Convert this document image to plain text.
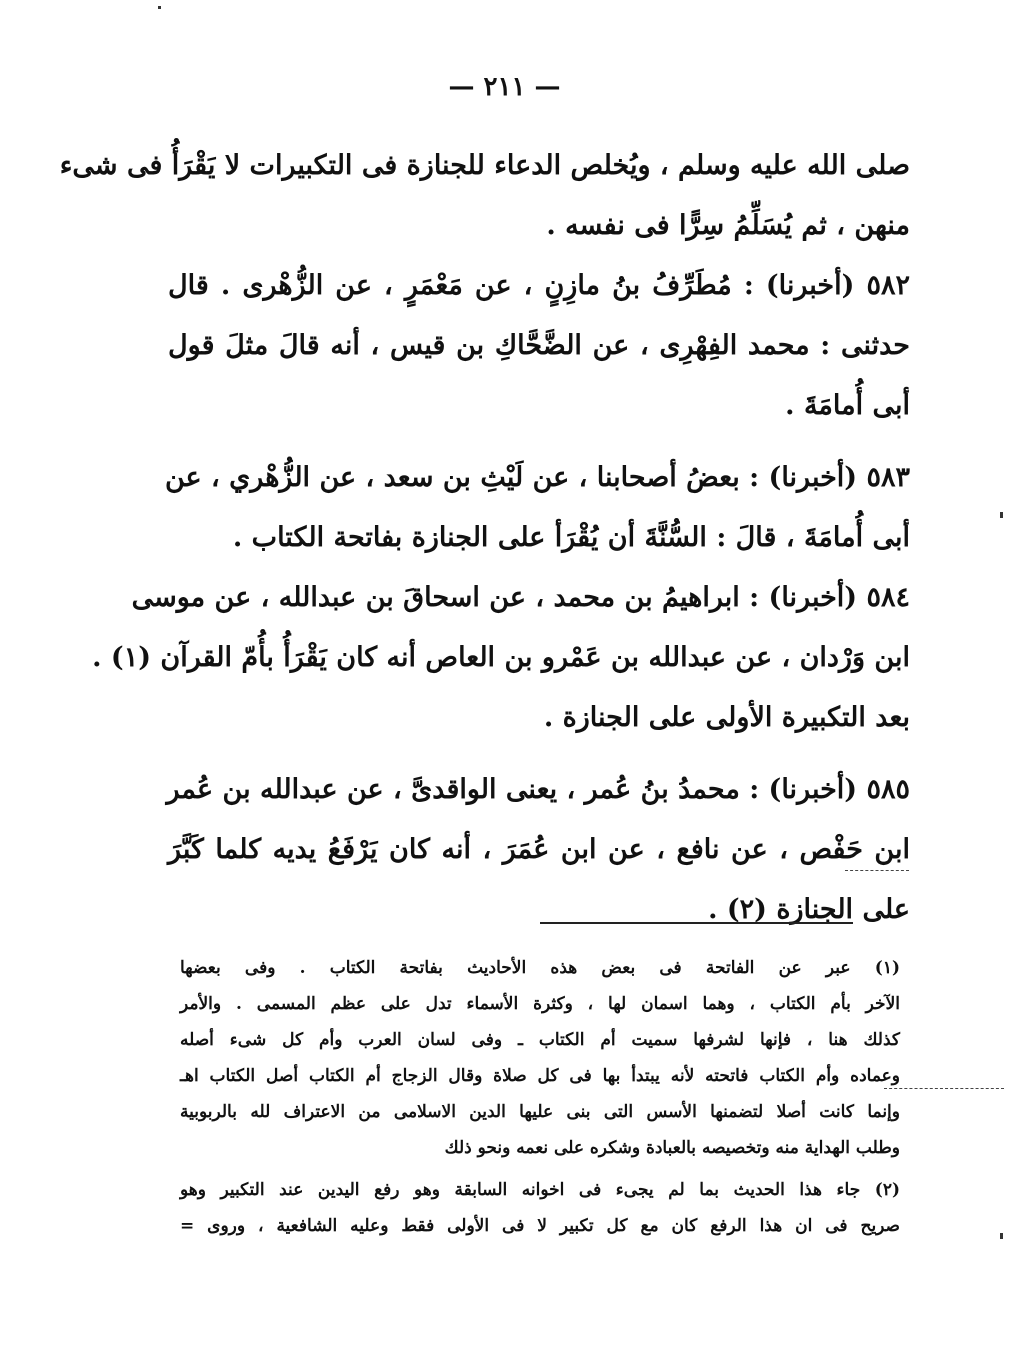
— ٢١١ —
صلى الله عليه وسلم ، ويُخلص الدعاء للجنازة فى التكبيرات لا يَقْرَأُ فى شىء
منهن ، ثم يُسَلِّمُ سِرًّا فى نفسه .
٥٨٢ (أخبرنا) : مُطَرِّفُ بنُ مازِنٍ ، عن مَعْمَرٍ ، عن الزُّهْرى . قال
حدثنى : محمد الفِهْرِى ، عن الضَّحَّاكِ بن قيس ، أنه قالَ مثلَ قول
أبى أُمامَةَ .
٥٨٣ (أخبرنا) : بعضُ أصحابنا ، عن لَيْثِ بن سعد ، عن الزُّهْري ، عن
أبى أُمامَةَ ، قالَ : السُّنَّةَ أن يُقْرَأ على الجنازة بفاتحة الكتاب .
٥٨٤ (أخبرنا) : ابراهيمُ بن محمد ، عن اسحاقَ بن عبدالله ، عن موسى
ابن وَرْدان ، عن عبدالله بن عَمْرو بن العاص أنه كان يَقْرَأُ بأُمّ القرآن (١) .
بعد التكبيرة الأولى على الجنازة .
٥٨٥ (أخبرنا) : محمدُ بنُ عُمر ، يعنى الواقدىَّ ، عن عبدالله بن عُمر
ابن حَفْص ، عن نافع ، عن ابن عُمَرَ ، أنه كان يَرْفَعُ يديه كلما كَبَّرَ
على الجنازة (٢) .
(١) عبر عن الفاتحة فى بعض هذه الأحاديث بفاتحة الكتاب . وفى بعضها
الآخر بأم الكتاب ، وهما اسمان لها ، وكثرة الأسماء تدل على عظم المسمى . والأمر
كذلك هنا ، فإنها لشرفها سميت أم الكتاب ـ وفى لسان العرب وأم كل شىء أصله
وعماده وأم الكتاب فاتحته لأنه يبتدأ بها فى كل صلاة وقال الزجاج أم الكتاب أصل الكتاب اهـ
وإنما كانت أصلا لتضمنها الأسس التى بنى عليها الدين الاسلامى من الاعتراف لله بالربوبية
وطلب الهداية منه وتخصيصه بالعبادة وشكره على نعمه ونحو ذلك
(٢) جاء هذا الحديث بما لم يجىء فى اخوانه السابقة وهو رفع اليدين عند التكبير وهو
صريح فى ان هذا الرفع كان مع كل تكبير لا فى الأولى فقط وعليه الشافعية ، وروى =
